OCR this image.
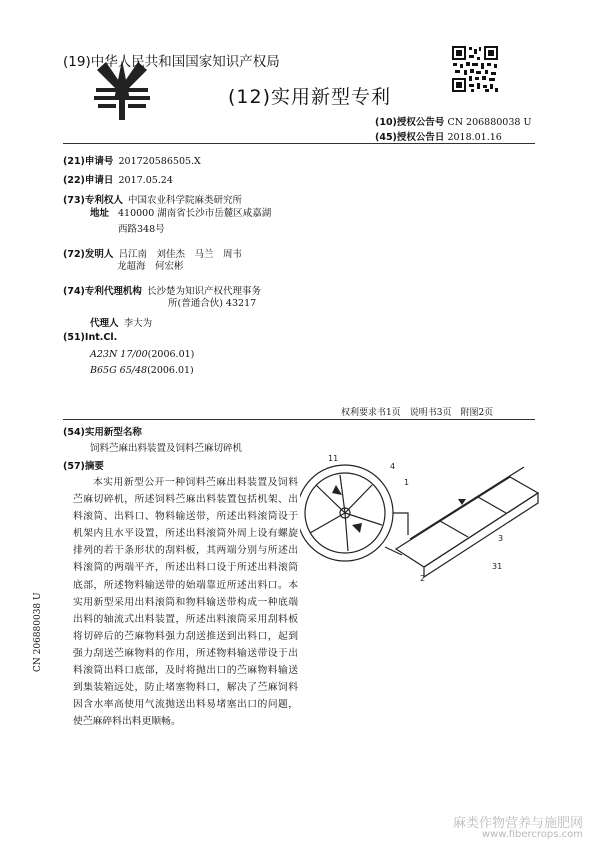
(19)中华人民共和国国家知识产权局
(12)实用新型专利
(10)授权公告号 CN 206880038 U
(45)授权公告日 2018.01.16
(21)申请号 201720586505.X
(22)申请日 2017.05.24
(73)专利权人 中国农业科学院麻类研究所
地址 410000 湖南省长沙市岳麓区咸嘉湖
西路348号
(72)发明人 吕江南　刘佳杰　马兰　周韦
龙超海　何宏彬
(74)专利代理机构 长沙楚为知识产权代理事务
所(普通合伙) 43217
代理人 李大为
(51)Int.Cl.
A23N 17/00(2006.01)
B65G 65/48(2006.01)
权利要求书1页　说明书3页　附图2页
(54)实用新型名称
饲料苎麻出料装置及饲料苎麻切碎机
(57)摘要
本实用新型公开一种饲料苎麻出料装置及饲料苎麻切碎机，所述饲料苎麻出料装置包括机架、出料滚筒、出料口、物料输送带，所述出料滚筒设于机架内且水平设置，所述出料滚筒外周上设有螺旋排列的若干条形状的刮料板，其两端分别与所述出料滚筒的两端平齐，所述出料口设于所述出料滚筒底部，所述物料输送带的始端靠近所述出料口。本实用新型采用出料滚筒和物料输送带构成一种底端出料的轴流式出料装置，所述出料滚筒采用刮料板将切碎后的苎麻物料强力刮送推送到出料口，起到强力刮送苎麻物料的作用，所述物料输送带设于出料滚筒出料口底部，及时将抛出口的苎麻物料输送到集装箱远处，防止堵塞物料口，解决了苎麻饲料因含水率高使用气流抛送出料易堵塞出口的问题，使苎麻碎料出料更顺畅。
11
4
1
3
31
2
CN 206880038 U
麻类作物营养与施肥网
www.fibercrops.com
